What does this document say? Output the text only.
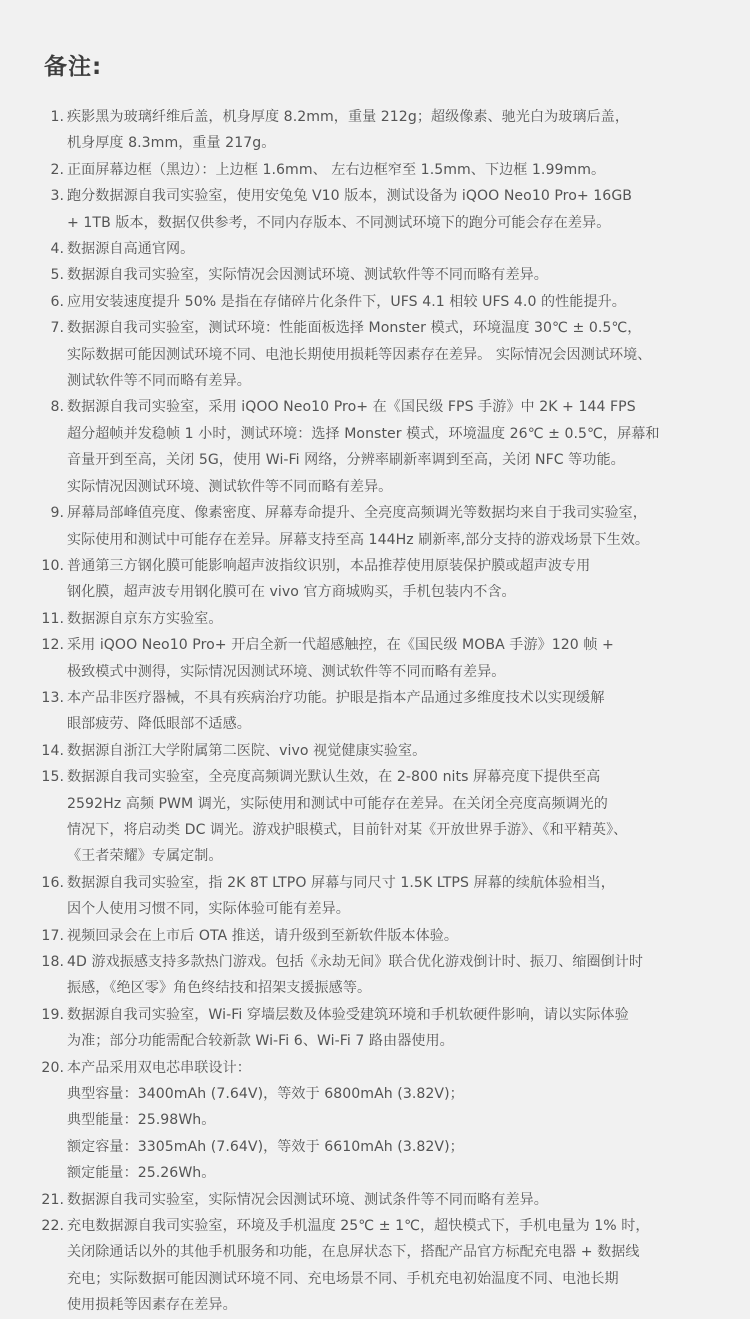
备注:
1. 疾影黑为玻璃纤维后盖，机身厚度 8.2mm，重量 212g；超级像素、驰光白为玻璃后盖，
机身厚度 8.3mm，重量 217g。
2. 正面屏幕边框（黑边）：上边框 1.6mm、 左右边框窄至 1.5mm、下边框 1.99mm。
3. 跑分数据源自我司实验室，使用安兔兔 V10 版本，测试设备为 iQOO Neo10 Pro+ 16GB
+ 1TB 版本，数据仅供参考，不同内存版本、不同测试环境下的跑分可能会存在差异。
4. 数据源自高通官网。
5. 数据源自我司实验室，实际情况会因测试环境、测试软件等不同而略有差异。
6. 应用安装速度提升 50% 是指在存储碎片化条件下，UFS 4.1 相较 UFS 4.0 的性能提升。
7. 数据源自我司实验室，测试环境：性能面板选择 Monster 模式，环境温度 30℃ ± 0.5℃，
实际数据可能因测试环境不同、电池长期使用损耗等因素存在差异。 实际情况会因测试环境、
测试软件等不同而略有差异。
8. 数据源自我司实验室，采用 iQOO Neo10 Pro+ 在《国民级 FPS 手游》中 2K + 144 FPS
超分超帧并发稳帧 1 小时，测试环境：选择 Monster 模式，环境温度 26℃ ± 0.5℃，屏幕和
音量开到至高，关闭 5G，使用 Wi-Fi 网络，分辨率刷新率调到至高，关闭 NFC 等功能。
实际情况因测试环境、测试软件等不同而略有差异。
9. 屏幕局部峰值亮度、像素密度、屏幕寿命提升、全亮度高频调光等数据均来自于我司实验室，
实际使用和测试中可能存在差异。屏幕支持至高 144Hz 刷新率,部分支持的游戏场景下生效。
10. 普通第三方钢化膜可能影响超声波指纹识别，本品推荐使用原装保护膜或超声波专用
钢化膜，超声波专用钢化膜可在 vivo 官方商城购买，手机包装内不含。
11. 数据源自京东方实验室。
12. 采用 iQOO Neo10 Pro+ 开启全新一代超感触控，在《国民级 MOBA 手游》120 帧 +
极致模式中测得，实际情况因测试环境、测试软件等不同而略有差异。
13. 本产品非医疗器械，不具有疾病治疗功能。护眼是指本产品通过多维度技术以实现缓解
眼部疲劳、降低眼部不适感。
14. 数据源自浙江大学附属第二医院、vivo 视觉健康实验室。
15. 数据源自我司实验室，全亮度高频调光默认生效，在 2-800 nits 屏幕亮度下提供至高
2592Hz 高频 PWM 调光，实际使用和测试中可能存在差异。在关闭全亮度高频调光的
情况下，将启动类 DC 调光。游戏护眼模式，目前针对某《开放世界手游》、《和平精英》、
《王者荣耀》专属定制。
16. 数据源自我司实验室，指 2K 8T LTPO 屏幕与同尺寸 1.5K LTPS 屏幕的续航体验相当，
因个人使用习惯不同，实际体验可能有差异。
17. 视频回录会在上市后 OTA 推送，请升级到至新软件版本体验。
18. 4D 游戏振感支持多款热门游戏。包括《永劫无间》联合优化游戏倒计时、振刀、缩圈倒计时
振感，《绝区零》角色终结技和招架支援振感等。
19. 数据源自我司实验室，Wi-Fi 穿墙层数及体验受建筑环境和手机软硬件影响，请以实际体验
为准；部分功能需配合较新款 Wi-Fi 6、Wi-Fi 7 路由器使用。
20. 本产品采用双电芯串联设计：
典型容量：3400mAh (7.64V)，等效于 6800mAh (3.82V)；
典型能量：25.98Wh。
额定容量：3305mAh (7.64V)，等效于 6610mAh (3.82V)；
额定能量：25.26Wh。
21. 数据源自我司实验室，实际情况会因测试环境、测试条件等不同而略有差异。
22. 充电数据源自我司实验室，环境及手机温度 25℃ ± 1℃，超快模式下，手机电量为 1% 时，
关闭除通话以外的其他手机服务和功能，在息屏状态下，搭配产品官方标配充电器 + 数据线
充电；实际数据可能因测试环境不同、充电场景不同、手机充电初始温度不同、电池长期
使用损耗等因素存在差异。
